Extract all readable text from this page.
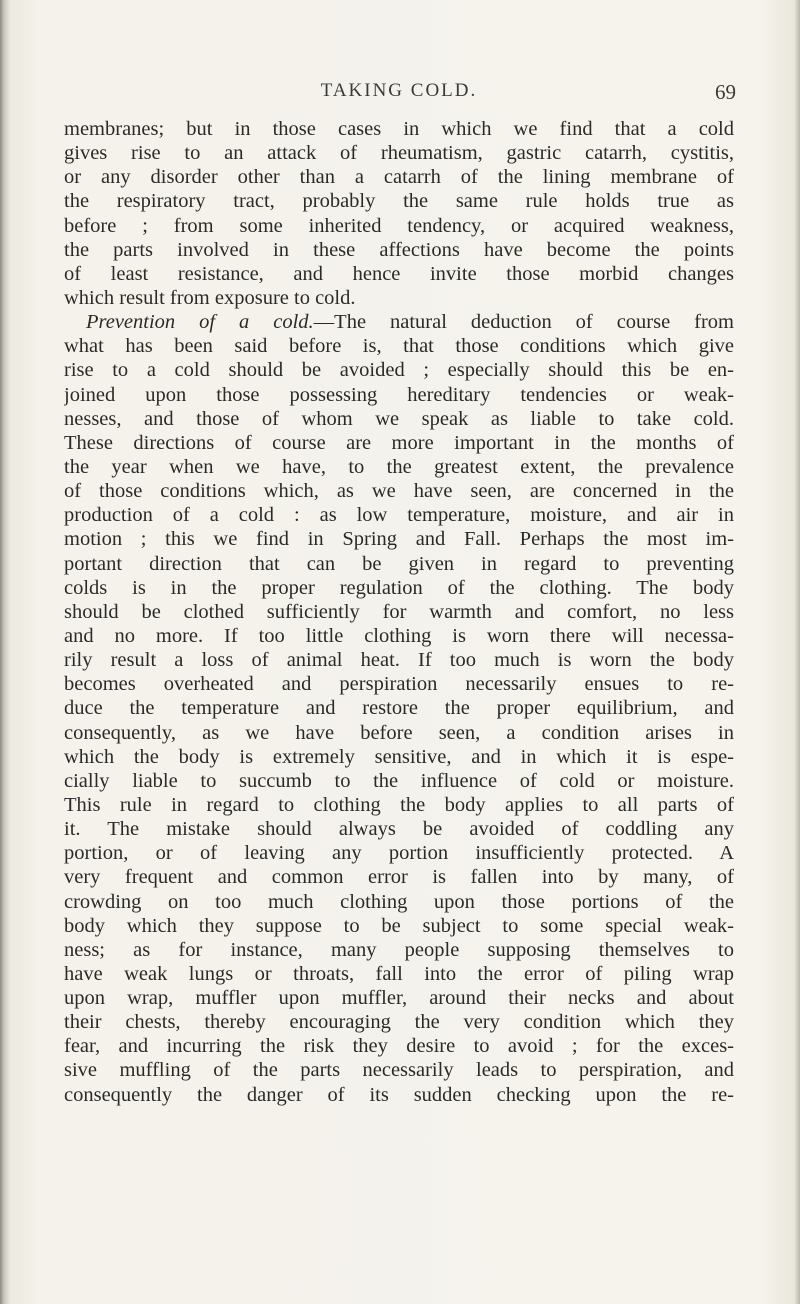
TAKING COLD.	69
membranes; but in those cases in which we find that a cold
gives rise to an attack of rheumatism, gastric catarrh, cystitis,
or any disorder other than a catarrh of the lining membrane of
the respiratory tract, probably the same rule holds true as
before ; from some inherited tendency, or acquired weakness,
the parts involved in these affections have become the points
of least resistance, and hence invite those morbid changes
which result from exposure to cold.
Prevention of a cold.—The natural deduction of course from
what has been said before is, that those conditions which give
rise to a cold should be avoided ; especially should this be en-
joined upon those possessing hereditary tendencies or weak-
nesses, and those of whom we speak as liable to take cold.
These directions of course are more important in the months of
the year when we have, to the greatest extent, the prevalence
of those conditions which, as we have seen, are concerned in the
production of a cold : as low temperature, moisture, and air in
motion ; this we find in Spring and Fall. Perhaps the most im-
portant direction that can be given in regard to preventing
colds is in the proper regulation of the clothing. The body
should be clothed sufficiently for warmth and comfort, no less
and no more. If too little clothing is worn there will necessa-
rily result a loss of animal heat. If too much is worn the body
becomes overheated and perspiration necessarily ensues to re-
duce the temperature and restore the proper equilibrium, and
consequently, as we have before seen, a condition arises in
which the body is extremely sensitive, and in which it is espe-
cially liable to succumb to the influence of cold or moisture.
This rule in regard to clothing the body applies to all parts of
it. The mistake should always be avoided of coddling any
portion, or of leaving any portion insufficiently protected. A
very frequent and common error is fallen into by many, of
crowding on too much clothing upon those portions of the
body which they suppose to be subject to some special weak-
ness; as for instance, many people supposing themselves to
have weak lungs or throats, fall into the error of piling wrap
upon wrap, muffler upon muffler, around their necks and about
their chests, thereby encouraging the very condition which they
fear, and incurring the risk they desire to avoid ; for the exces-
sive muffling of the parts necessarily leads to perspiration, and
consequently the danger of its sudden checking upon the re-
